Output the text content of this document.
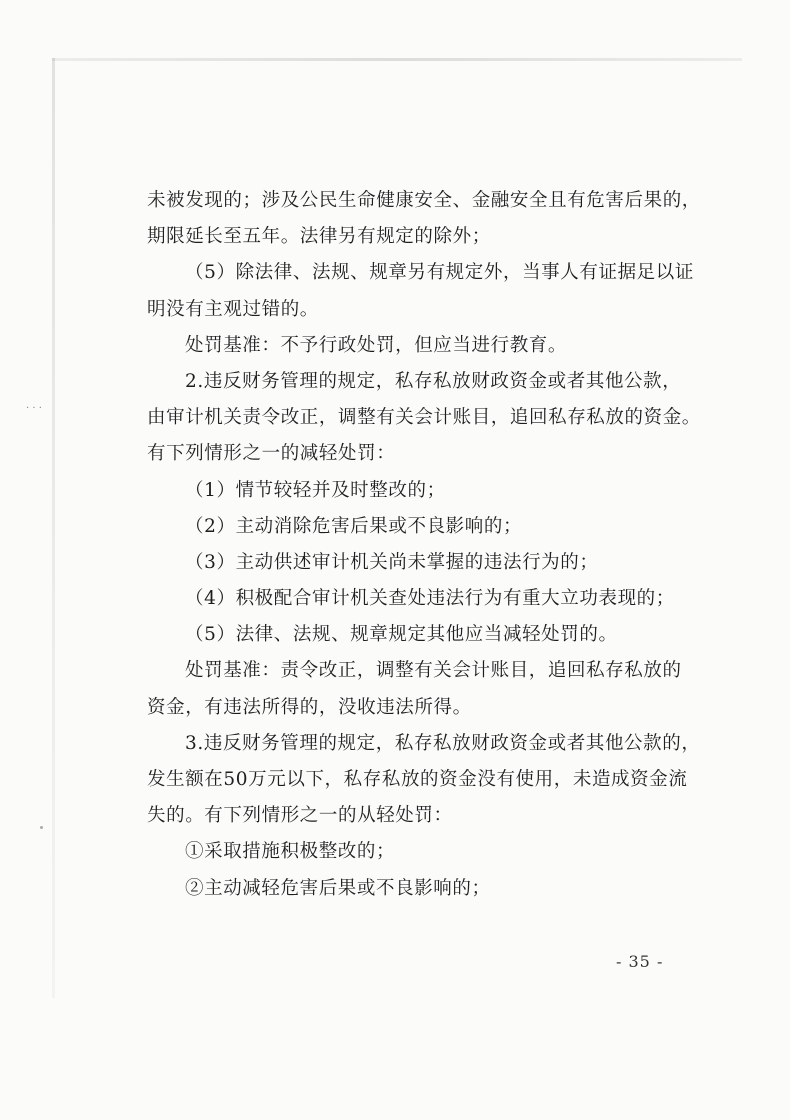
· · ·
未被发现的；涉及公民生命健康安全、金融安全且有危害后果的，
期限延长至五年。法律另有规定的除外；
（5）除法律、法规、规章另有规定外，当事人有证据足以证
明没有主观过错的。
处罚基准：不予行政处罚，但应当进行教育。
2.违反财务管理的规定，私存私放财政资金或者其他公款，
由审计机关责令改正，调整有关会计账目，追回私存私放的资金。
有下列情形之一的减轻处罚：
（1）情节较轻并及时整改的；
（2）主动消除危害后果或不良影响的；
（3）主动供述审计机关尚未掌握的违法行为的；
（4）积极配合审计机关查处违法行为有重大立功表现的；
（5）法律、法规、规章规定其他应当减轻处罚的。
处罚基准：责令改正，调整有关会计账目，追回私存私放的
资金，有违法所得的，没收违法所得。
3.违反财务管理的规定，私存私放财政资金或者其他公款的，
发生额在50万元以下，私存私放的资金没有使用，未造成资金流
失的。有下列情形之一的从轻处罚：
①采取措施积极整改的；
②主动减轻危害后果或不良影响的；
- 35 -
